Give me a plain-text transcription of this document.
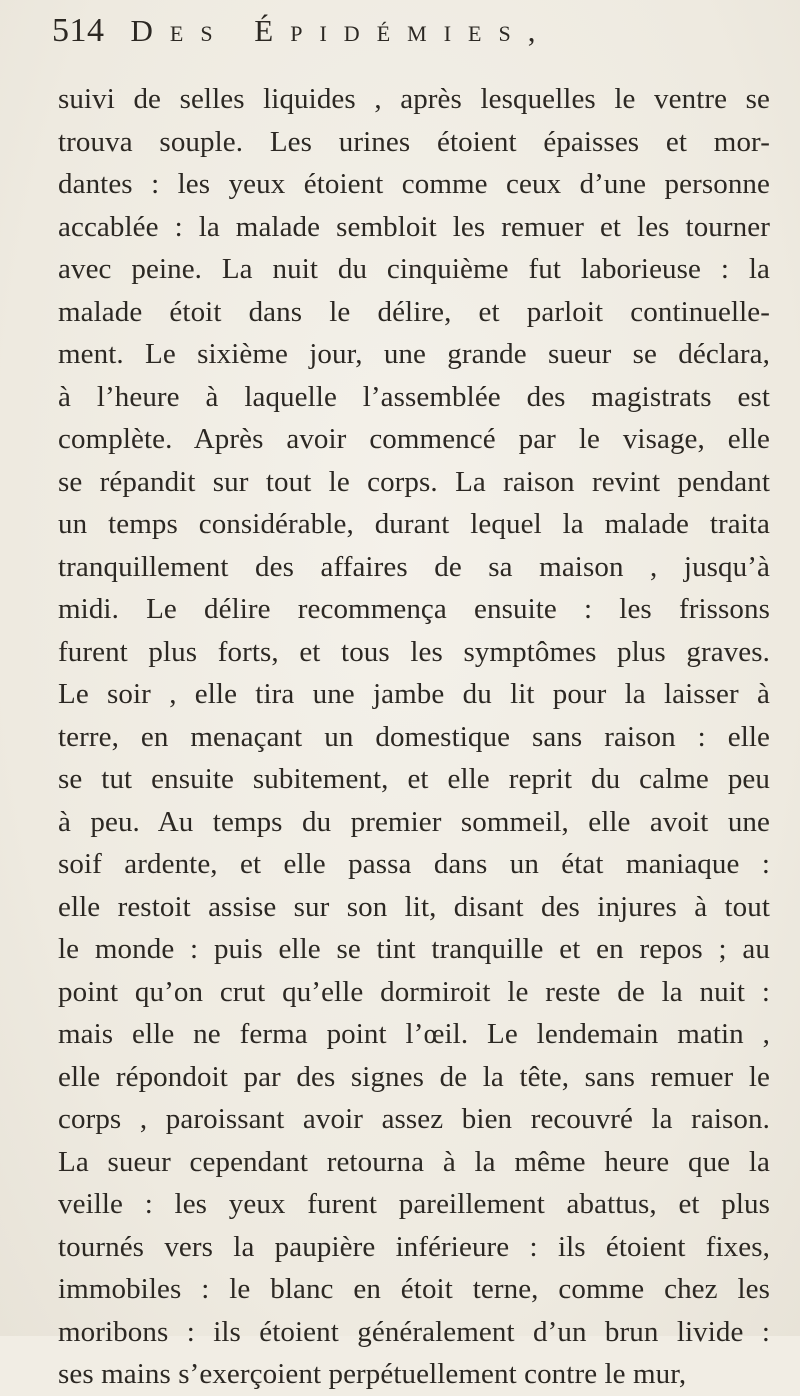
514 Des Épidémies,
suivi de selles liquides , après lesquelles le ventre se
trouva souple. Les urines étoient épaisses et mor-
dantes : les yeux étoient comme ceux d’une personne
accablée : la malade sembloit les remuer et les tourner
avec peine. La nuit du cinquième fut laborieuse : la
malade étoit dans le délire, et parloit continuelle-
ment. Le sixième jour, une grande sueur se déclara,
à l’heure à laquelle l’assemblée des magistrats est
complète. Après avoir commencé par le visage, elle
se répandit sur tout le corps. La raison revint pendant
un temps considérable, durant lequel la malade traita
tranquillement des affaires de sa maison , jusqu’à
midi. Le délire recommença ensuite : les frissons
furent plus forts, et tous les symptômes plus graves.
Le soir , elle tira une jambe du lit pour la laisser à
terre, en menaçant un domestique sans raison : elle
se tut ensuite subitement, et elle reprit du calme peu
à peu. Au temps du premier sommeil, elle avoit une
soif ardente, et elle passa dans un état maniaque :
elle restoit assise sur son lit, disant des injures à tout
le monde : puis elle se tint tranquille et en repos ; au
point qu’on crut qu’elle dormiroit le reste de la nuit :
mais elle ne ferma point l’œil. Le lendemain matin ,
elle répondoit par des signes de la tête, sans remuer le
corps , paroissant avoir assez bien recouvré la raison.
La sueur cependant retourna à la même heure que la
veille : les yeux furent pareillement abattus, et plus
tournés vers la paupière inférieure : ils étoient fixes,
immobiles : le blanc en étoit terne, comme chez les
moribons : ils étoient généralement d’un brun livide :
ses mains s’exerçoient perpétuellement contre le mur,
